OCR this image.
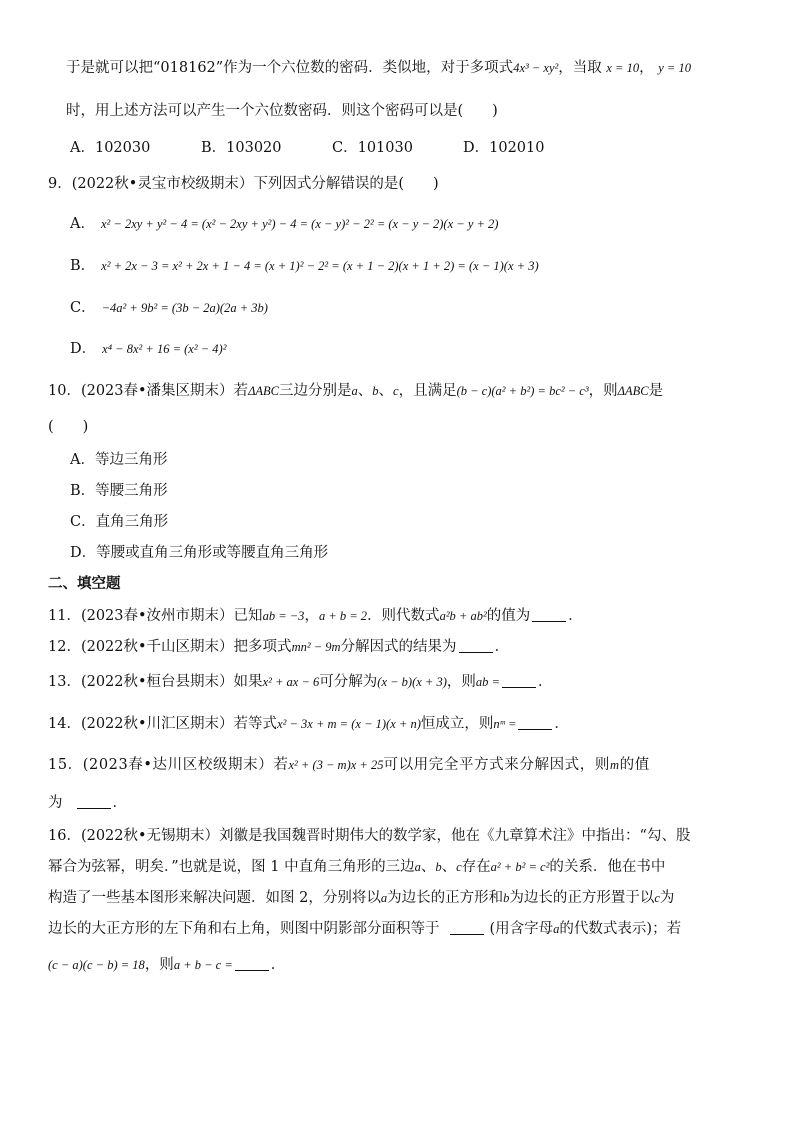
于是就可以把“018162”作为一个六位数的密码．类似地，对于多项式4x³ − xy²，当取 x = 10， y = 10
时，用上述方法可以产生一个六位数密码．则这个密码可以是(　　)
A．102030	B．103020	C．101030	D．102010
9．(2022秋•灵宝市校级期末）下列因式分解错误的是(　　)
A． x² − 2xy + y² − 4 = (x² − 2xy + y²) − 4 = (x − y)² − 2² = (x − y − 2)(x − y + 2)
B． x² + 2x − 3 = x² + 2x + 1 − 4 = (x + 1)² − 2² = (x + 1 − 2)(x + 1 + 2) = (x − 1)(x + 3)
C． −4a² + 9b² = (3b − 2a)(2a + 3b)
D． x⁴ − 8x² + 16 = (x² − 4)²
10．(2023春•潘集区期末）若ΔABC三边分别是a、b、c，且满足(b − c)(a² + b²) = bc² − c³，则ΔABC是
(　　)
A．等边三角形
B．等腰三角形
C．直角三角形
D．等腰或直角三角形或等腰直角三角形
二、填空题
11．(2023春•汝州市期末）已知ab = −3，a + b = 2．则代数式a²b + ab²的值为	．
12．(2022秋•千山区期末）把多项式mn² − 9m分解因式的结果为	．
13．(2022秋•桓台县期末）如果x² + ax − 6可分解为(x − b)(x + 3)，则ab =	．
14．(2022秋•川汇区期末）若等式x² − 3x + m = (x − 1)(x + n)恒成立，则nᵐ =	．
15．(2023春•达川区校级期末）若x² + (3 − m)x + 25可以用完全平方式来分解因式，则m的值
为	．
16．(2022秋•无锡期末）刘徽是我国魏晋时期伟大的数学家，他在《九章算术注》中指出：“勾、股
幂合为弦幂，明矣．”也就是说，图 1 中直角三角形的三边a、b、c存在a² + b² = c²的关系．他在书中
构造了一些基本图形来解决问题．如图 2，分别将以a为边长的正方形和b为边长的正方形置于以c为
边长的大正方形的左下角和右上角，则图中阴影部分面积等于	(用含字母a的代数式表示)；若
(c − a)(c − b) = 18，则a + b − c =	．
